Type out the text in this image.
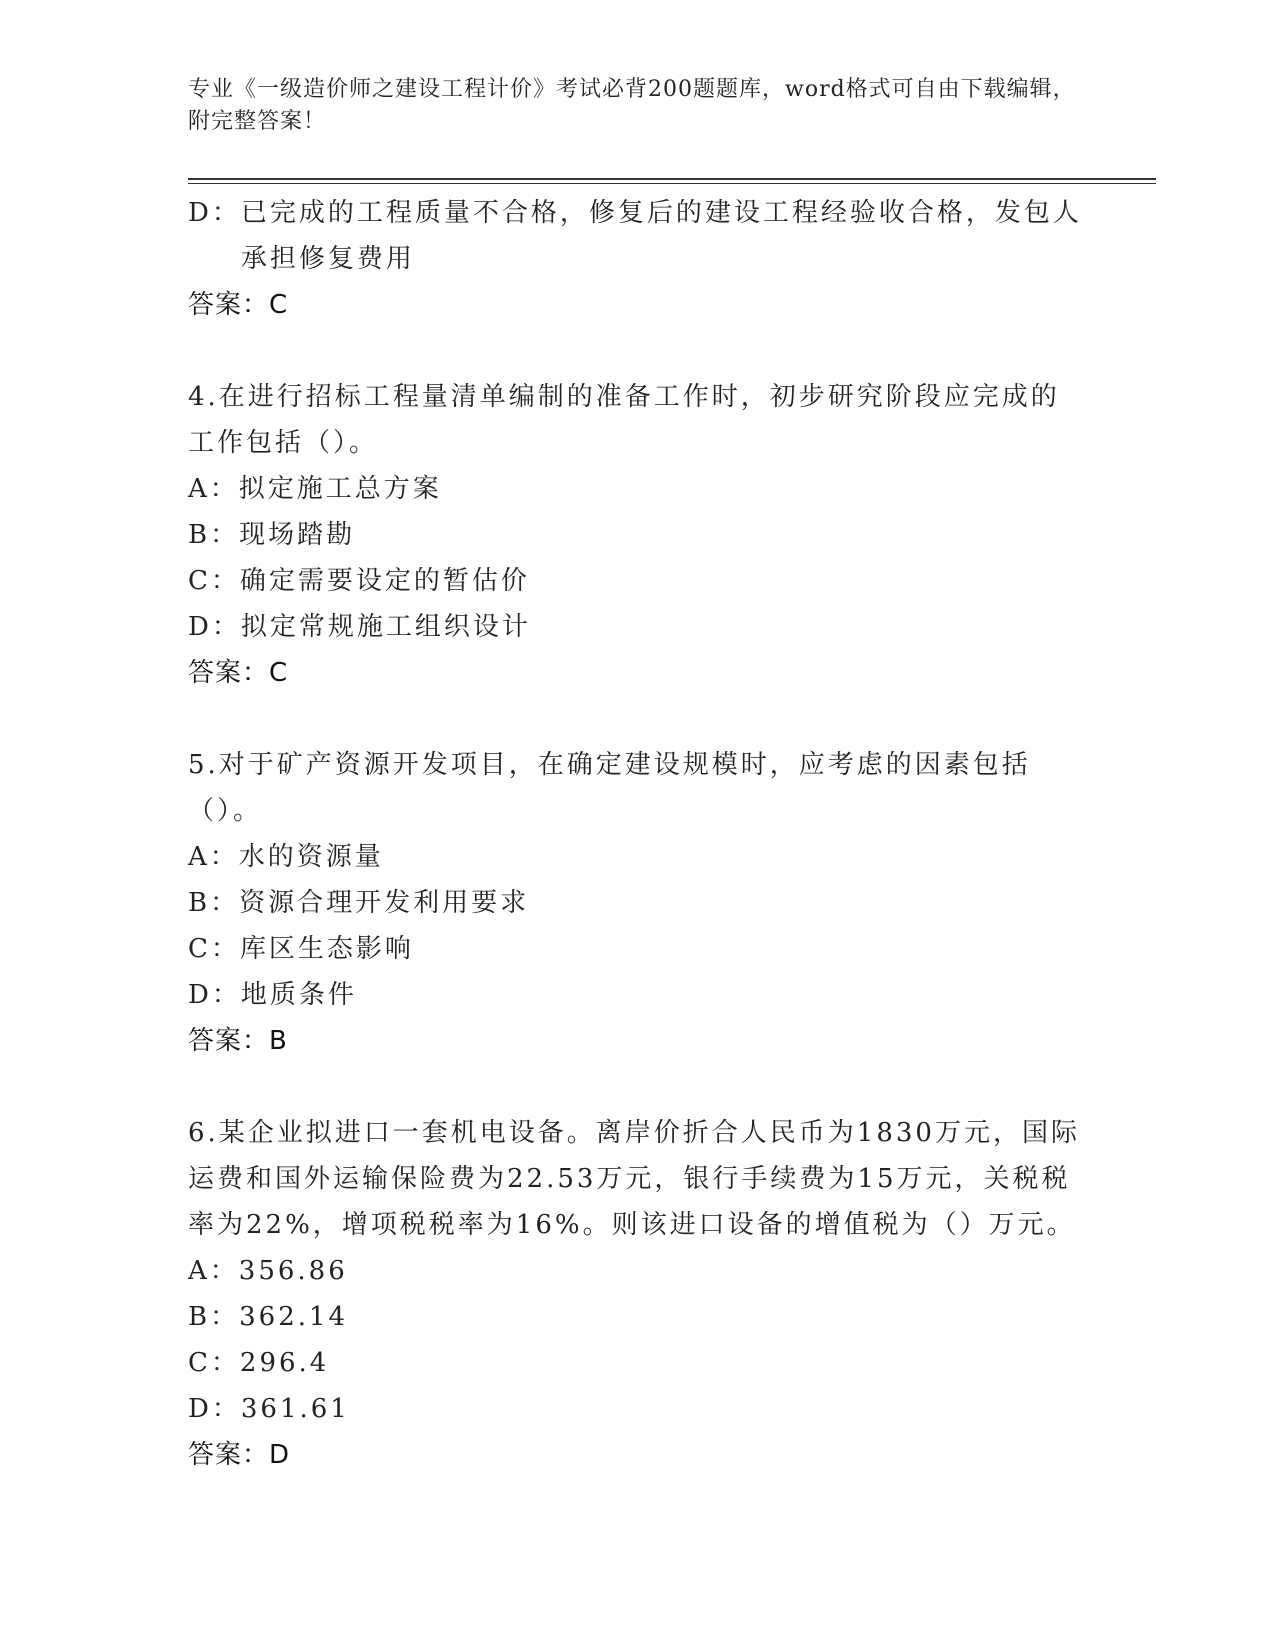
专业《一级造价师之建设工程计价》考试必背200题题库，word格式可自由下载编辑，附完整答案！
D： 已完成的工程质量不合格，修复后的建设工程经验收合格，发包人承担修复费用
答案：C
4.在进行招标工程量清单编制的准备工作时，初步研究阶段应完成的工作包括（）。
A： 拟定施工总方案
B： 现场踏勘
C： 确定需要设定的暂估价
D： 拟定常规施工组织设计
答案：C
5.对于矿产资源开发项目，在确定建设规模时，应考虑的因素包括（）。
A： 水的资源量
B： 资源合理开发利用要求
C： 库区生态影响
D： 地质条件
答案：B
6.某企业拟进口一套机电设备。离岸价折合人民币为1830万元，国际运费和国外运输保险费为22.53万元，银行手续费为15万元，关税税率为22%，增项税税率为16%。则该进口设备的增值税为（）万元。
A： 356.86
B： 362.14
C： 296.4
D： 361.61
答案：D
